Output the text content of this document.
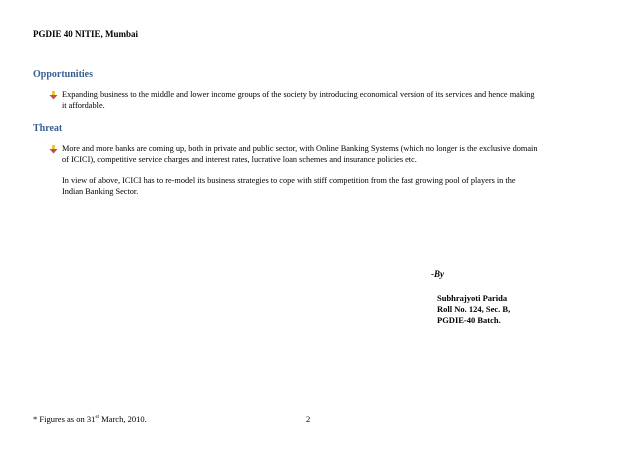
PGDIE 40 NITIE, Mumbai
Opportunities
Expanding business to the middle and lower income groups of the society by introducing economical version of its services and hence making
it affordable.
Threat
More and more banks are coming up, both in private and public sector, with Online Banking Systems (which no longer is the exclusive domain
of ICICI), competitive service charges and interest rates, lucrative loan schemes and insurance policies etc.
In view of above, ICICI has to re-model its business strategies to cope with stiff competition from the fast growing pool of players in the
Indian Banking Sector.
-By
Subhrajyoti Parida
Roll No. 124, Sec. B,
PGDIE-40 Batch.
* Figures as on 31st March, 2010.	2
